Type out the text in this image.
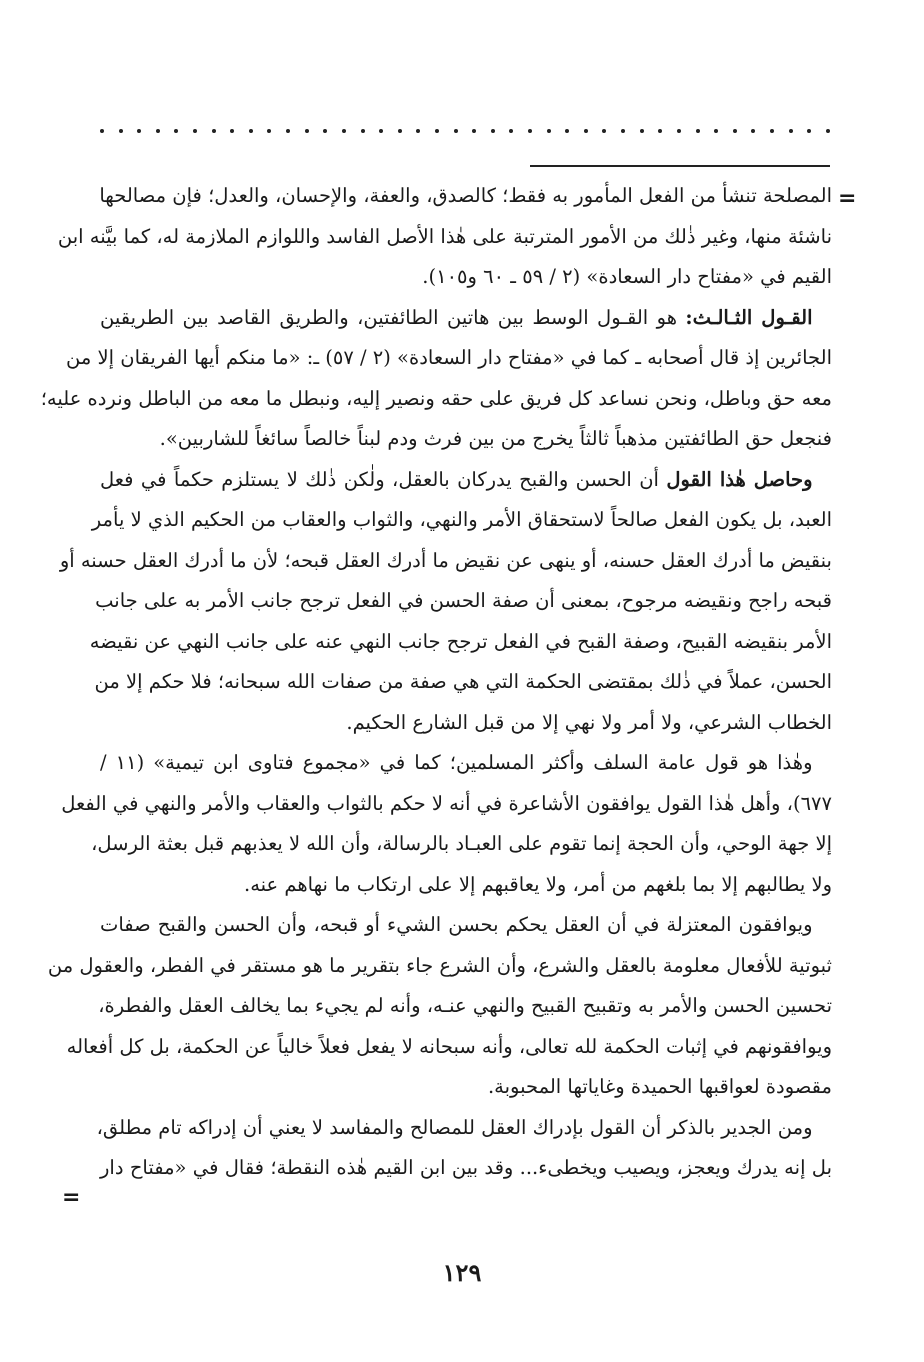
=
المصلحة تنشأ من الفعل المأمور به فقط؛ كالصدق، والعفة، والإحسان، والعدل؛ فإن مصالحها
ناشئة منها، وغير ذٰلك من الأمور المترتبة على هٰذا الأصل الفاسد واللوازم الملازمة له، كما بيَّنه ابن
القيم في «مفتاح دار السعادة» (٢ / ٥٩ ـ ٦٠ و١٠٥).
 القـول الثـالـث: هو القـول الوسط بين هاتين الطائفتين، والطريق القاصد بين الطريقين
الجائرين إذ قال أصحابه ـ كما في «مفتاح دار السعادة» (٢ / ٥٧) ـ: «ما منكم أيها الفريقان إلا من
معه حق وباطل، ونحن نساعد كل فريق على حقه ونصير إليه، ونبطل ما معه من الباطل ونرده عليه؛
فنجعل حق الطائفتين مذهباً ثالثاً يخرج من بين فرث ودم لبناً خالصاً سائغاً للشاربين».
 وحاصل هٰذا القول أن الحسن والقبح يدركان بالعقل، ولٰكن ذٰلك لا يستلزم حكماً في فعل
العبد، بل يكون الفعل صالحاً لاستحقاق الأمر والنهي، والثواب والعقاب من الحكيم الذي لا يأمر
بنقيض ما أدرك العقل حسنه، أو ينهى عن نقيض ما أدرك العقل قبحه؛ لأن ما أدرك العقل حسنه أو
قبحه راجح ونقيضه مرجوح، بمعنى أن صفة الحسن في الفعل ترجح جانب الأمر به على جانب
الأمر بنقيضه القبيح، وصفة القبح في الفعل ترجح جانب النهي عنه على جانب النهي عن نقيضه
الحسن، عملاً في ذٰلك بمقتضى الحكمة التي هي صفة من صفات الله سبحانه؛ فلا حكم إلا من
الخطاب الشرعي، ولا أمر ولا نهي إلا من قبل الشارع الحكيم.
 وهٰذا هو قول عامة السلف وأكثر المسلمين؛ كما في «مجموع فتاوى ابن تيمية» (١١ /
٦٧٧)، وأهل هٰذا القول يوافقون الأشاعرة في أنه لا حكم بالثواب والعقاب والأمر والنهي في الفعل
إلا جهة الوحي، وأن الحجة إنما تقوم على العبـاد بالرسالة، وأن الله لا يعذبهم قبل بعثة الرسل،
ولا يطالبهم إلا بما بلغهم من أمر، ولا يعاقبهم إلا على ارتكاب ما نهاهم عنه.
 ويوافقون المعتزلة في أن العقل يحكم بحسن الشيء أو قبحه، وأن الحسن والقبح صفات
ثبوتية للأفعال معلومة بالعقل والشرع، وأن الشرع جاء بتقرير ما هو مستقر في الفطر، والعقول من
تحسين الحسن والأمر به وتقبيح القبيح والنهي عنـه، وأنه لم يجيء بما يخالف العقل والفطرة،
ويوافقونهم في إثبات الحكمة لله تعالى، وأنه سبحانه لا يفعل فعلاً خالياً عن الحكمة، بل كل أفعاله
مقصودة لعواقبها الحميدة وغاياتها المحبوبة.
 ومن الجدير بالذكر أن القول بإدراك العقل للمصالح والمفاسد لا يعني أن إدراكه تام مطلق،
بل إنه يدرك ويعجز، ويصيب ويخطىء... وقد بين ابن القيم هٰذه النقطة؛ فقال في «مفتاح دار
=
١٢٩
